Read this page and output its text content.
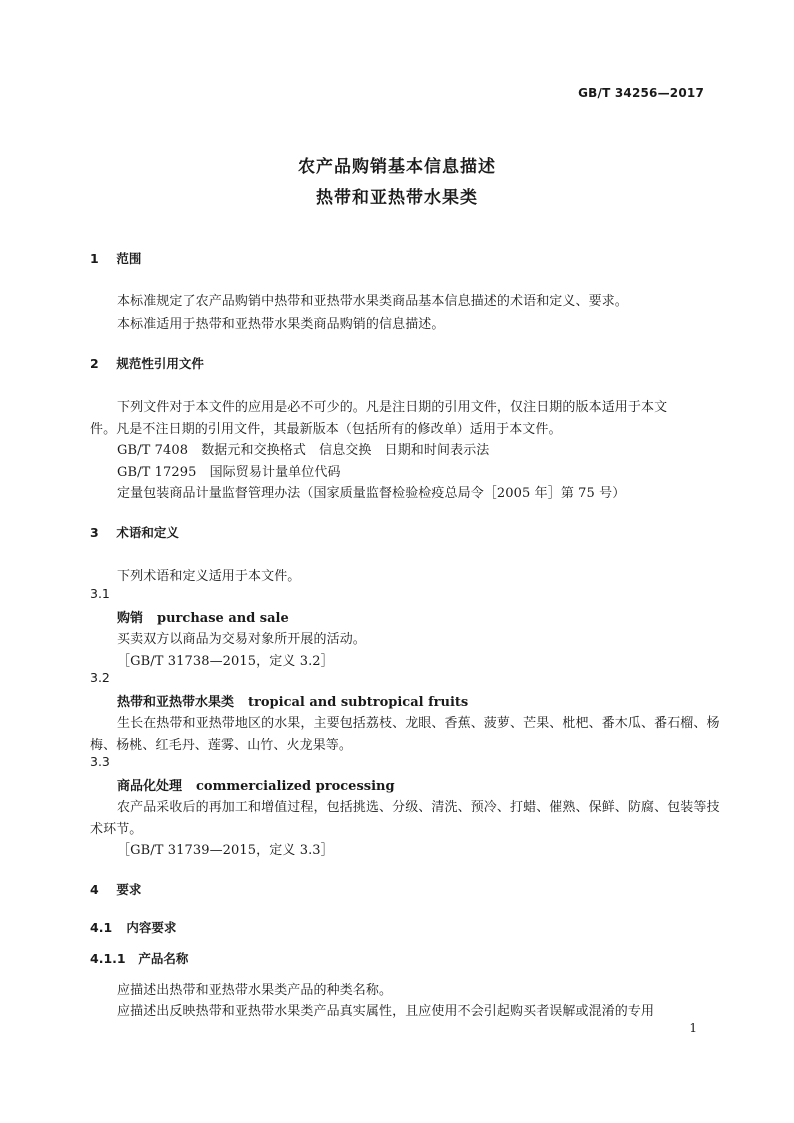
GB/T 34256—2017
农产品购销基本信息描述
热带和亚热带水果类
1 范围
本标准规定了农产品购销中热带和亚热带水果类商品基本信息描述的术语和定义、要求。
本标准适用于热带和亚热带水果类商品购销的信息描述。
2 规范性引用文件
下列文件对于本文件的应用是必不可少的。凡是注日期的引用文件，仅注日期的版本适用于本文
件。凡是不注日期的引用文件，其最新版本（包括所有的修改单）适用于本文件。
GB/T 7408　数据元和交换格式　信息交换　日期和时间表示法
GB/T 17295　国际贸易计量单位代码
定量包装商品计量监督管理办法（国家质量监督检验检疫总局令［2005 年］第 75 号）
3 术语和定义
下列术语和定义适用于本文件。
3.1
购销 purchase and sale
买卖双方以商品为交易对象所开展的活动。
［GB/T 31738—2015，定义 3.2］
3.2
热带和亚热带水果类 tropical and subtropical fruits
生长在热带和亚热带地区的水果，主要包括荔枝、龙眼、香蕉、菠萝、芒果、枇杷、番木瓜、番石榴、杨
梅、杨桃、红毛丹、莲雾、山竹、火龙果等。
3.3
商品化处理 commercialized processing
农产品采收后的再加工和增值过程，包括挑选、分级、清洗、预冷、打蜡、催熟、保鲜、防腐、包装等技
术环节。
［GB/T 31739—2015，定义 3.3］
4 要求
4.1 内容要求
4.1.1 产品名称
应描述出热带和亚热带水果类产品的种类名称。
应描述出反映热带和亚热带水果类产品真实属性，且应使用不会引起购买者误解或混淆的专用
1
